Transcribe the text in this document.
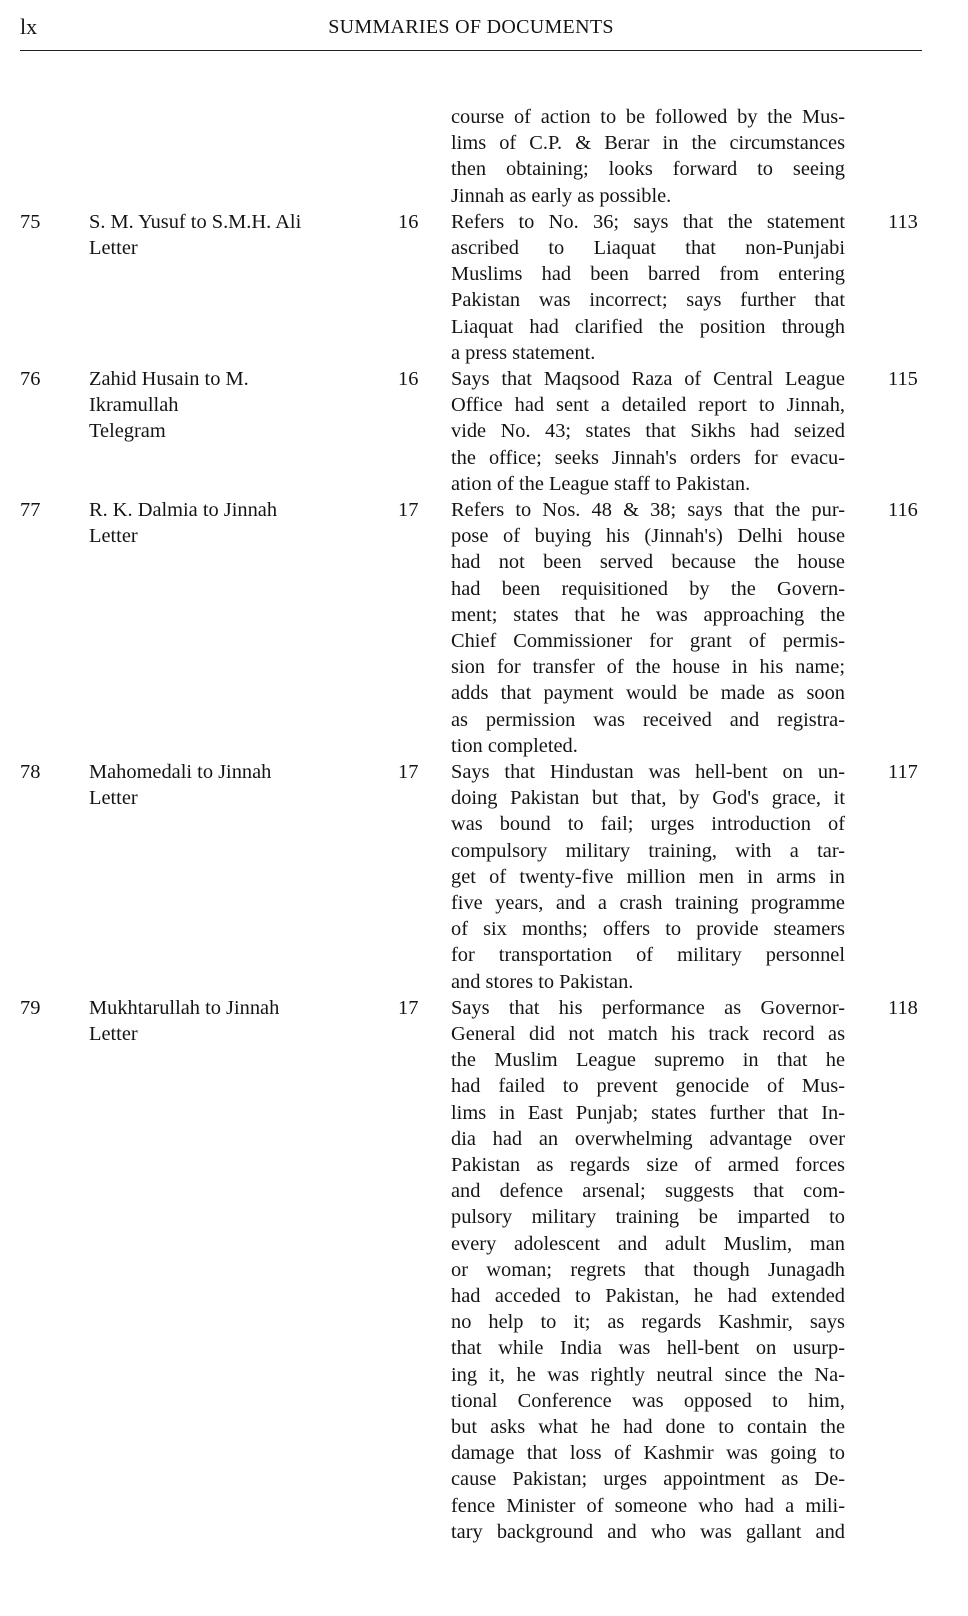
lx	SUMMARIES OF DOCUMENTS
course of action to be followed by the Mus-
lims of C.P. & Berar in the circumstances
then obtaining; looks forward to seeing
Jinnah as early as possible.
75 S. M. Yusuf to S.M.H. Ali
Letter
16 Refers to No. 36; says that the statement
ascribed to Liaquat that non-Punjabi
Muslims had been barred from entering
Pakistan was incorrect; says further that
Liaquat had clarified the position through
a press statement.
113
76 Zahid Husain to M.
Ikramullah
Telegram
16 Says that Maqsood Raza of Central League
Office had sent a detailed report to Jinnah,
vide No. 43; states that Sikhs had seized
the office; seeks Jinnah's orders for evacu-
ation of the League staff to Pakistan.
115
77 R. K. Dalmia to Jinnah
Letter
17 Refers to Nos. 48 & 38; says that the pur-
pose of buying his (Jinnah's) Delhi house
had not been served because the house
had been requisitioned by the Govern-
ment; states that he was approaching the
Chief Commissioner for grant of permis-
sion for transfer of the house in his name;
adds that payment would be made as soon
as permission was received and registra-
tion completed.
116
78 Mahomedali to Jinnah
Letter
17 Says that Hindustan was hell-bent on un-
doing Pakistan but that, by God's grace, it
was bound to fail; urges introduction of
compulsory military training, with a tar-
get of twenty-five million men in arms in
five years, and a crash training programme
of six months; offers to provide steamers
for transportation of military personnel
and stores to Pakistan.
117
79 Mukhtarullah to Jinnah
Letter
17 Says that his performance as Governor-
General did not match his track record as
the Muslim League supremo in that he
had failed to prevent genocide of Mus-
lims in East Punjab; states further that In-
dia had an overwhelming advantage over
Pakistan as regards size of armed forces
and defence arsenal; suggests that com-
pulsory military training be imparted to
every adolescent and adult Muslim, man
or woman; regrets that though Junagadh
had acceded to Pakistan, he had extended
no help to it; as regards Kashmir, says
that while India was hell-bent on usurp-
ing it, he was rightly neutral since the Na-
tional Conference was opposed to him,
but asks what he had done to contain the
damage that loss of Kashmir was going to
cause Pakistan; urges appointment as De-
fence Minister of someone who had a mili-
tary background and who was gallant and
118
